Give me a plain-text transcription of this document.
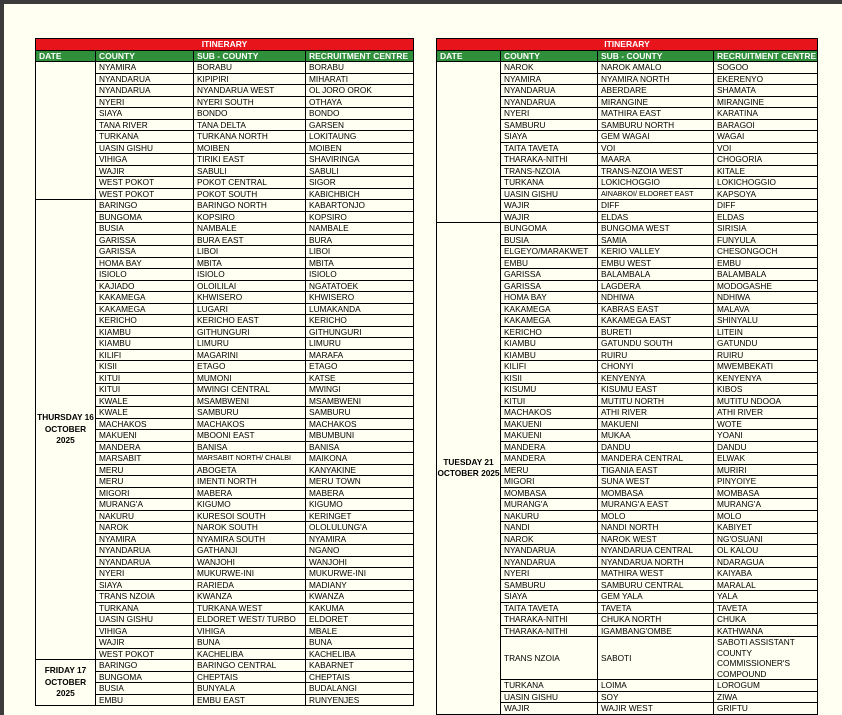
ITINERARY			
DATE	COUNTY	SUB - COUNTY	RECRUITMENT CENTRE
	NYAMIRA	BORABU	BORABU
	NYANDARUA	KIPIPIRI	MIHARATI
	NYANDARUA	NYANDARUA WEST	OL JORO OROK
	NYERI	NYERI SOUTH	OTHAYA
	SIAYA	BONDO	BONDO
	TANA RIVER	TANA DELTA	GARSEN
	TURKANA	TURKANA NORTH	LOKITAUNG
	UASIN GISHU	MOIBEN	MOIBEN
	VIHIGA	TIRIKI EAST	SHAVIRINGA
	WAJIR	SABULI	SABULI
	WEST POKOT	POKOT CENTRAL	SIGOR
	WEST POKOT	POKOT SOUTH	KABICHBICH
THURSDAY 16 OCTOBER 2025	BARINGO	BARINGO NORTH	KABARTONJO
	BUNGOMA	KOPSIRO	KOPSIRO
	BUSIA	NAMBALE	NAMBALE
	GARISSA	BURA EAST	BURA
	GARISSA	LIBOI	LIBOI
	HOMA BAY	MBITA	MBITA
	ISIOLO	ISIOLO	ISIOLO
	KAJIADO	OLOILILAI	NGATATOEK
	KAKAMEGA	KHWISERO	KHWISERO
	KAKAMEGA	LUGARI	LUMAKANDA
	KERICHO	KERICHO EAST	KERICHO
	KIAMBU	GITHUNGURI	GITHUNGURI
	KIAMBU	LIMURU	LIMURU
	KILIFI	MAGARINI	MARAFA
	KISII	ETAGO	ETAGO
	KITUI	MUMONI	KATSE
	KITUI	MWINGI CENTRAL	MWINGI
	KWALE	MSAMBWENI	MSAMBWENI
	KWALE	SAMBURU	SAMBURU
	MACHAKOS	MACHAKOS	MACHAKOS
	MAKUENI	MBOONI EAST	MBUMBUNI
	MANDERA	BANISA	BANISA
	MARSABIT	MARSABIT NORTH/ CHALBI	MAIKONA
	MERU	ABOGETA	KANYAKINE
	MERU	IMENTI NORTH	MERU TOWN
	MIGORI	MABERA	MABERA
	MURANG'A	KIGUMO	KIGUMO
	NAKURU	KURESOI SOUTH	KERINGET
	NAROK	NAROK SOUTH	OLOLULUNG'A
	NYAMIRA	NYAMIRA SOUTH	NYAMIRA
	NYANDARUA	GATHANJI	NGANO
	NYANDARUA	WANJOHI	WANJOHI
	NYERI	MUKURWE-INI	MUKURWE-INI
	SIAYA	RARIEDA	MADIANY
	TRANS NZOIA	KWANZA	KWANZA
	TURKANA	TURKANA WEST	KAKUMA
	UASIN GISHU	ELDORET WEST/ TURBO	ELDORET
	VIHIGA	VIHIGA	MBALE
	WAJIR	BUNA	BUNA
	WEST POKOT	KACHELIBA	KACHELIBA
FRIDAY 17 OCTOBER 2025	BARINGO	BARINGO CENTRAL	KABARNET
	BUNGOMA	CHEPTAIS	CHEPTAIS
	BUSIA	BUNYALA	BUDALANGI
	EMBU	EMBU EAST	RUNYENJES
ITINERARY			
DATE	COUNTY	SUB - COUNTY	RECRUITMENT CENTRE
	NAROK	NAROK AMALO	SOGOO
	NYAMIRA	NYAMIRA NORTH	EKERENYO
	NYANDARUA	ABERDARE	SHAMATA
	NYANDARUA	MIRANGINE	MIRANGINE
	NYERI	MATHIRA EAST	KARATINA
	SAMBURU	SAMBURU NORTH	BARAGOI
	SIAYA	GEM WAGAI	WAGAI
	TAITA TAVETA	VOI	VOI
	THARAKA-NITHI	MAARA	CHOGORIA
	TRANS-NZOIA	TRANS-NZOIA WEST	KITALE
	TURKANA	LOKICHOGGIO	LOKICHOGGIO
	UASIN GISHU	AINABKOI/ ELDORET EAST	KAPSOYA
	WAJIR	DIFF	DIFF
	WAJIR	ELDAS	ELDAS
TUESDAY 21 OCTOBER 2025	BUNGOMA	BUNGOMA WEST	SIRISIA
	BUSIA	SAMIA	FUNYULA
	ELGEYO/MARAKWET	KERIO VALLEY	CHESONGOCH
	EMBU	EMBU WEST	EMBU
	GARISSA	BALAMBALA	BALAMBALA
	GARISSA	LAGDERA	MODOGASHE
	HOMA BAY	NDHIWA	NDHIWA
	KAKAMEGA	KABRAS EAST	MALAVA
	KAKAMEGA	KAKAMEGA EAST	SHINYALU
	KERICHO	BURETI	LITEIN
	KIAMBU	GATUNDU SOUTH	GATUNDU
	KIAMBU	RUIRU	RUIRU
	KILIFI	CHONYI	MWEMBEKATI
	KISII	KENYENYA	KENYENYA
	KISUMU	KISUMU EAST	KIBOS
	KITUI	MUTITU NORTH	MUTITU NDOOA
	MACHAKOS	ATHI RIVER	ATHI RIVER
	MAKUENI	MAKUENI	WOTE
	MAKUENI	MUKAA	YOANI
	MANDERA	DANDU	DANDU
	MANDERA	MANDERA CENTRAL	ELWAK
	MERU	TIGANIA EAST	MURIRI
	MIGORI	SUNA WEST	PINYOIYE
	MOMBASA	MOMBASA	MOMBASA
	MURANG'A	MURANG'A EAST	MURANG'A
	NAKURU	MOLO	MOLO
	NANDI	NANDI NORTH	KABIYET
	NAROK	NAROK WEST	NG'OSUANI
	NYANDARUA	NYANDARUA CENTRAL	OL KALOU
	NYANDARUA	NYANDARUA NORTH	NDARAGUA
	NYERI	MATHIRA WEST	KAIYABA
	SAMBURU	SAMBURU CENTRAL	MARALAL
	SIAYA	GEM YALA	YALA
	TAITA TAVETA	TAVETA	TAVETA
	THARAKA-NITHI	CHUKA NORTH	CHUKA
	THARAKA-NITHI	IGAMBANG'OMBE	KATHWANA
	TRANS NZOIA	SABOTI	SABOTI ASSISTANT COUNTY COMMISSIONER'S COMPOUND
	TURKANA	LOIMA	LOROGUM
	UASIN GISHU	SOY	ZIWA
	WAJIR	WAJIR WEST	GRIFTU
